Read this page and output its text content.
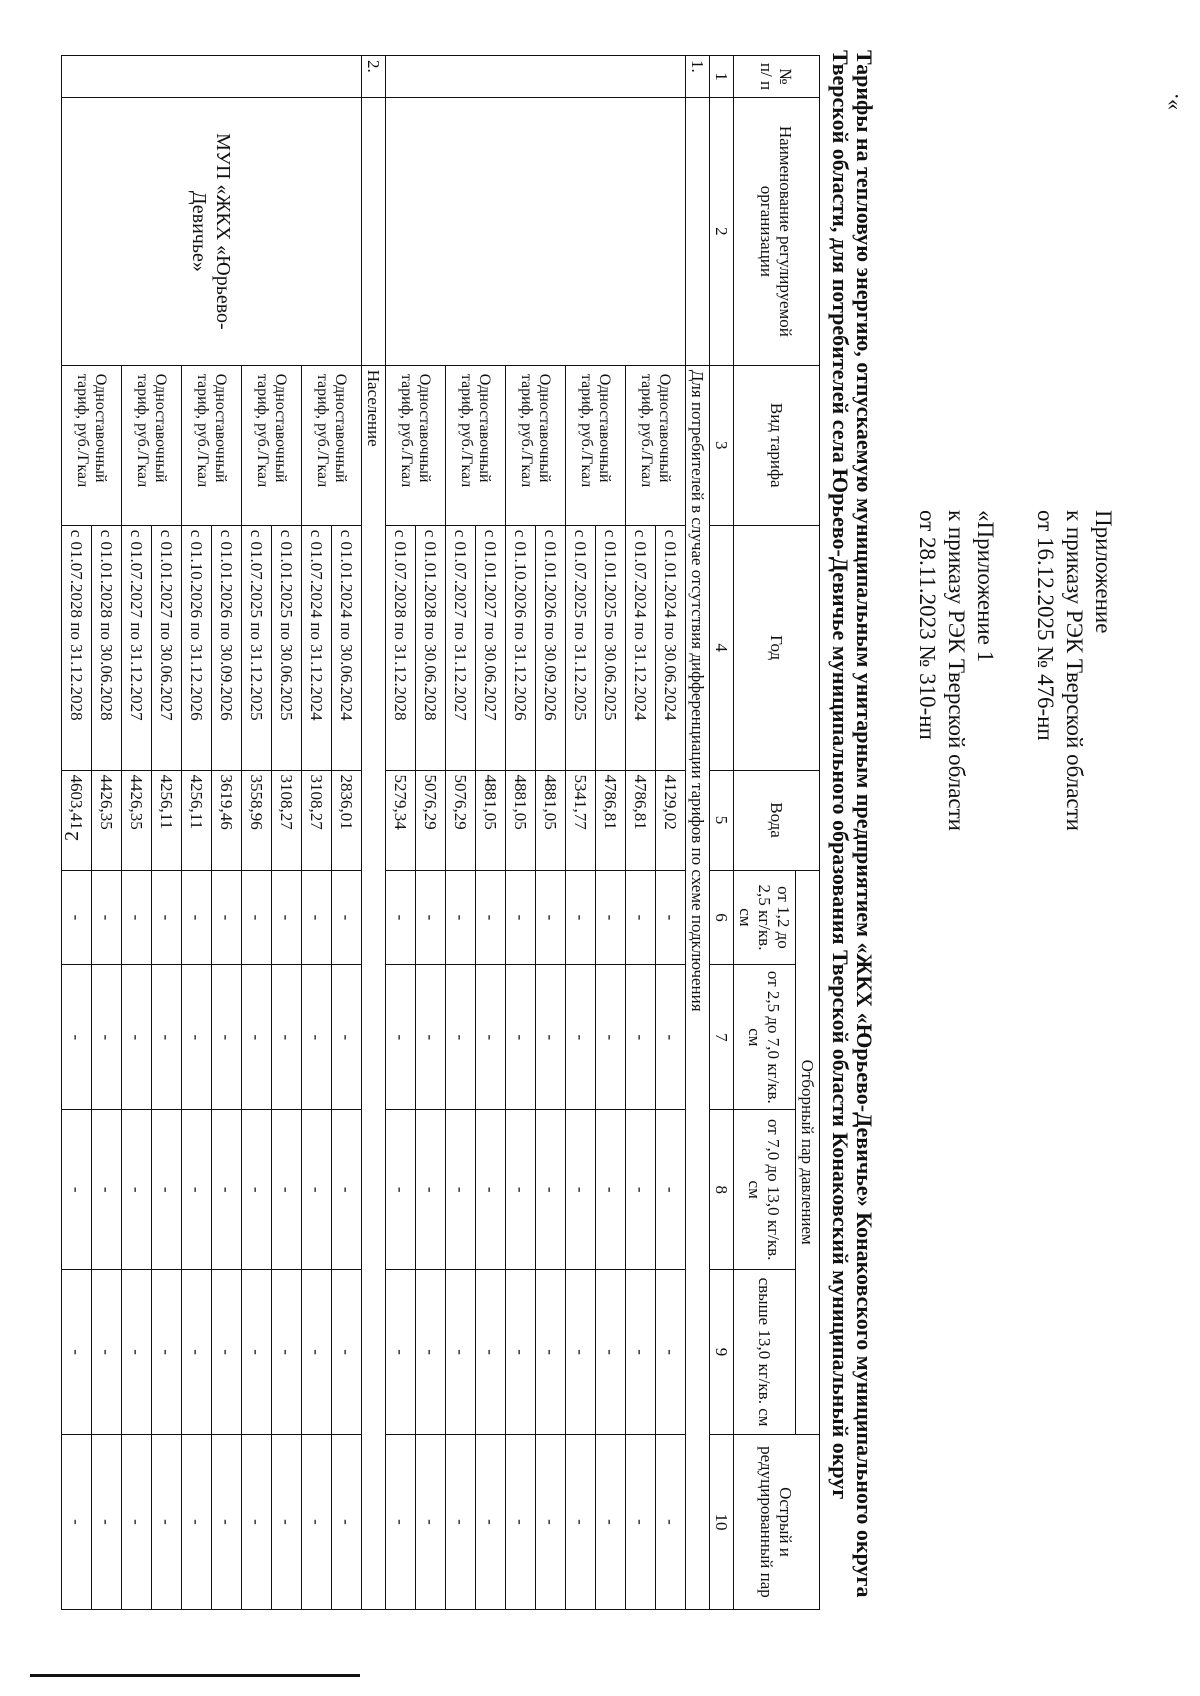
2
».
Приложение
к приказу РЭК Тверской области
от 16.12.2025 № 476-нп
«Приложение 1
к приказу РЭК Тверской области
от 28.11.2023 № 310-нп
Тарифы на тепловую энергию, отпускаемую муниципальным унитарным предприятием «ЖКХ «Юрьево-Девичье» Конаковского муниципального округа Тверской области, для потребителей села Юрьево-Девичье муниципального образования Тверской области Конаковский муниципальный округ
№ п/ п	Наименование регулируемой организации	Вид тарифа	Год	Вода	Отборный пар давлением				Острый и редуцированный пар
					от 1,2 до 2,5 кг/кв. см	от 2,5 до 7,0 кг/кв. см	от 7,0 до 13,0 кг/кв. см	свыше 13,0 кг/кв. см	
1	2	3	4	5	6	7	8	9	10
1.		Для потребителей в случае отсутствия дифференциации тарифов по схеме подключения							
		Одноставочный тариф, руб./Гкал	с 01.01.2024 по 30.06.2024	4129,02	-	-	-	-	-
			с 01.07.2024 по 31.12.2024	4786,81	-	-	-	-	-
		Одноставочный тариф, руб./Гкал	с 01.01.2025 по 30.06.2025	4786,81	-	-	-	-	-
			с 01.07.2025 по 31.12.2025	5341,77	-	-	-	-	-
		Одноставочный тариф, руб./Гкал	с 01.01.2026 по 30.09.2026	4881,05	-	-	-	-	-
			с 01.10.2026 по 31.12.2026	4881,05	-	-	-	-	-
		Одноставочный тариф, руб./Гкал	с 01.01.2027 по 30.06.2027	4881,05	-	-	-	-	-
			с 01.07.2027 по 31.12.2027	5076,29	-	-	-	-	-
		Одноставочный тариф, руб./Гкал	с 01.01.2028 по 30.06.2028	5076,29	-	-	-	-	-
			с 01.07.2028 по 31.12.2028	5279,34	-	-	-	-	-
2.		Население							
	МУП «ЖКХ «Юрьево-Девичье»	Одноставочный тариф, руб./Гкал	с 01.01.2024 по 30.06.2024	2836,01	-	-	-	-	-
			с 01.07.2024 по 31.12.2024	3108,27	-	-	-	-	-
		Одноставочный тариф, руб./Гкал	с 01.01.2025 по 30.06.2025	3108,27	-	-	-	-	-
			с 01.07.2025 по 31.12.2025	3558,96	-	-	-	-	-
		Одноставочный тариф, руб./Гкал	с 01.01.2026 по 30.09.2026	3619,46	-	-	-	-	-
			с 01.10.2026 по 31.12.2026	4256,11	-	-	-	-	-
		Одноставочный тариф, руб./Гкал	с 01.01.2027 по 30.06.2027	4256,11	-	-	-	-	-
			с 01.07.2027 по 31.12.2027	4426,35	-	-	-	-	-
		Одноставочный тариф, руб./Гкал	с 01.01.2028 по 30.06.2028	4426,35	-	-	-	-	-
			с 01.07.2028 по 31.12.2028	4603,41	-	-	-	-	-
